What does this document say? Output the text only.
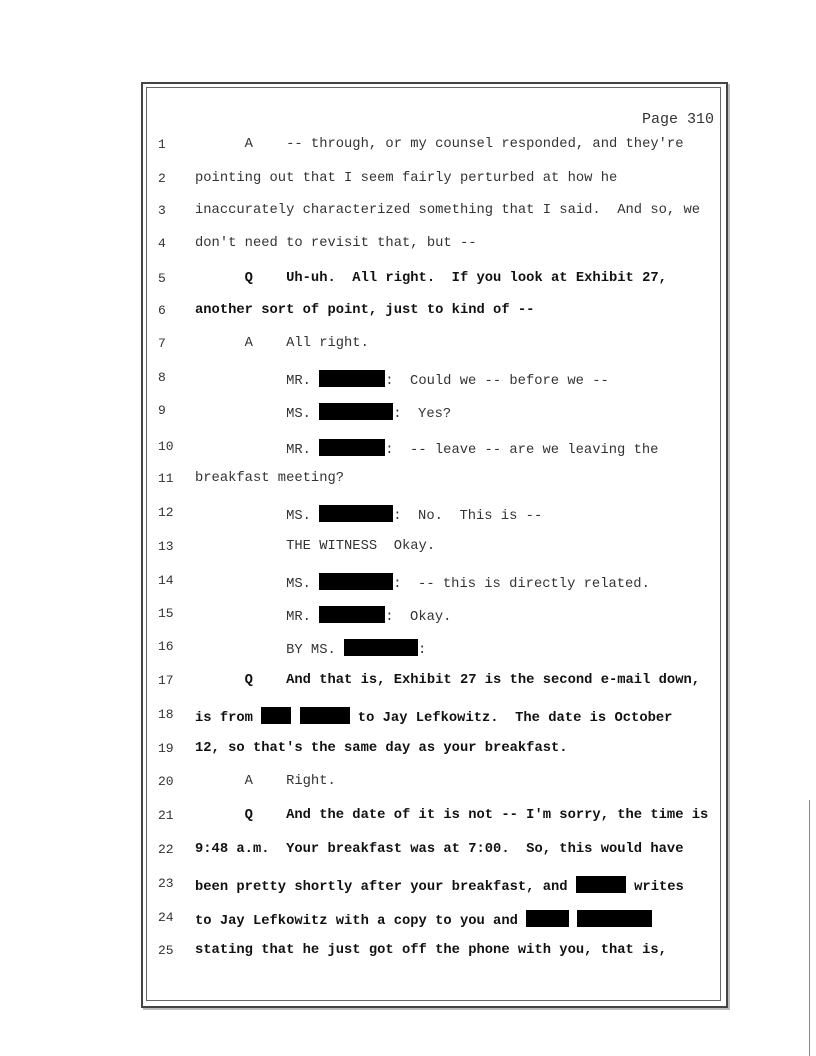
Page 310
1	A    -- through, or my counsel responded, and they're
2	pointing out that I seem fairly perturbed at how he
3	inaccurately characterized something that I said.  And so, we
4	don't need to revisit that, but --
5	Q    Uh-uh.  All right.  If you look at Exhibit 27,
6	another sort of point, just to kind of --
7	A    All right.
8	MR.	:  Could we -- before we --
9	MS.	:  Yes?
10	MR.	:  -- leave -- are we leaving the
11	breakfast meeting?
12	MS.	:  No.  This is --
13	THE WITNESS  Okay.
14	MS.	:  -- this is directly related.
15	MR.	:  Okay.
16	BY MS.	:
17	Q    And that is, Exhibit 27 is the second e-mail down,
18	is from	to Jay Lefkowitz.  The date is October
19	12, so that's the same day as your breakfast.
20	A    Right.
21	Q    And the date of it is not -- I'm sorry, the time is
22	9:48 a.m.  Your breakfast was at 7:00.  So, this would have
23	been pretty shortly after your breakfast, and	writes
24	to Jay Lefkowitz with a copy to you and
25	stating that he just got off the phone with you, that is,
